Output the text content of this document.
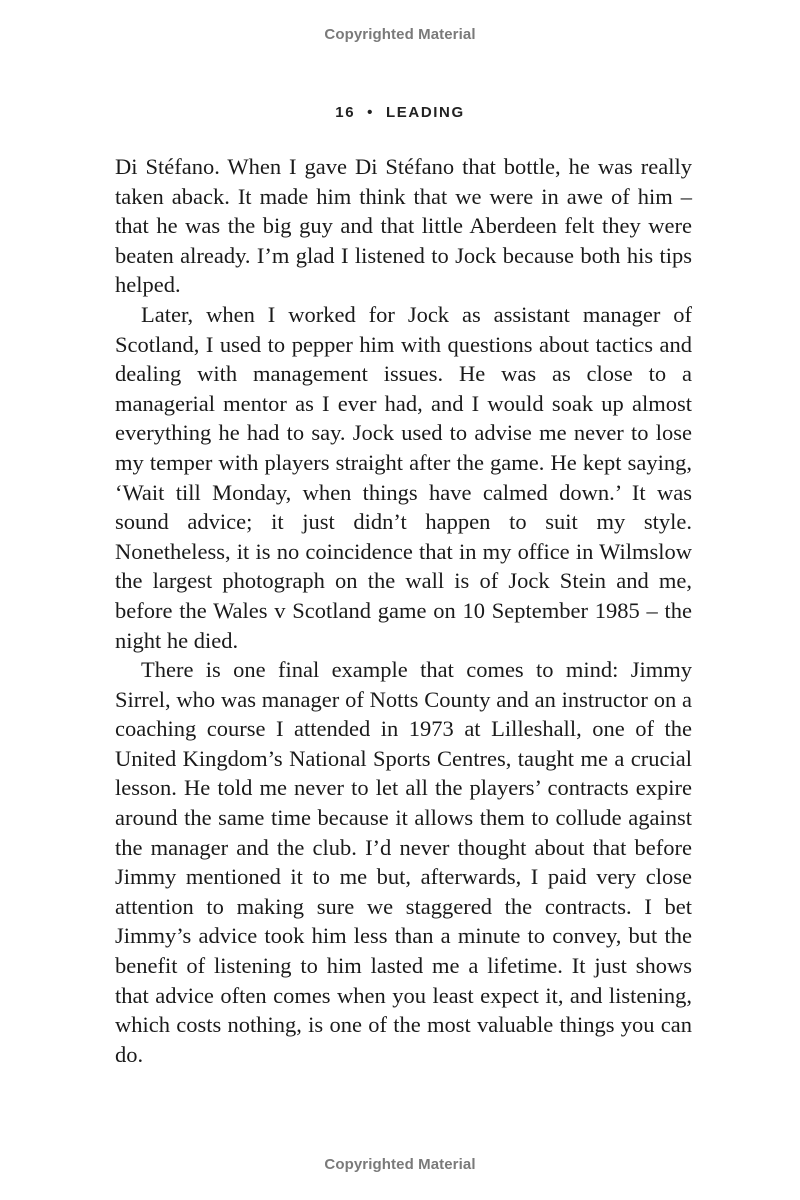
Copyrighted Material
16 • LEADING

Di Stéfano. When I gave Di Stéfano that bottle, he was really taken aback. It made him think that we were in awe of him – that he was the big guy and that little Aberdeen felt they were beaten already. I’m glad I listened to Jock because both his tips helped.

Later, when I worked for Jock as assistant manager of Scotland, I used to pepper him with questions about tactics and dealing with management issues. He was as close to a managerial mentor as I ever had, and I would soak up almost everything he had to say. Jock used to advise me never to lose my temper with players straight after the game. He kept saying, ‘Wait till Monday, when things have calmed down.’ It was sound advice; it just didn’t happen to suit my style. Nonetheless, it is no coincidence that in my office in Wilmslow the largest photograph on the wall is of Jock Stein and me, before the Wales v Scotland game on 10 September 1985 – the night he died.

There is one final example that comes to mind: Jimmy Sirrel, who was manager of Notts County and an instructor on a coaching course I attended in 1973 at Lilleshall, one of the United Kingdom’s National Sports Centres, taught me a crucial lesson. He told me never to let all the players’ contracts expire around the same time because it allows them to collude against the manager and the club. I’d never thought about that before Jimmy mentioned it to me but, afterwards, I paid very close attention to making sure we staggered the contracts. I bet Jimmy’s advice took him less than a minute to convey, but the benefit of listening to him lasted me a lifetime. It just shows that advice often comes when you least expect it, and listening, which costs nothing, is one of the most valuable things you can do.

Copyrighted Material
